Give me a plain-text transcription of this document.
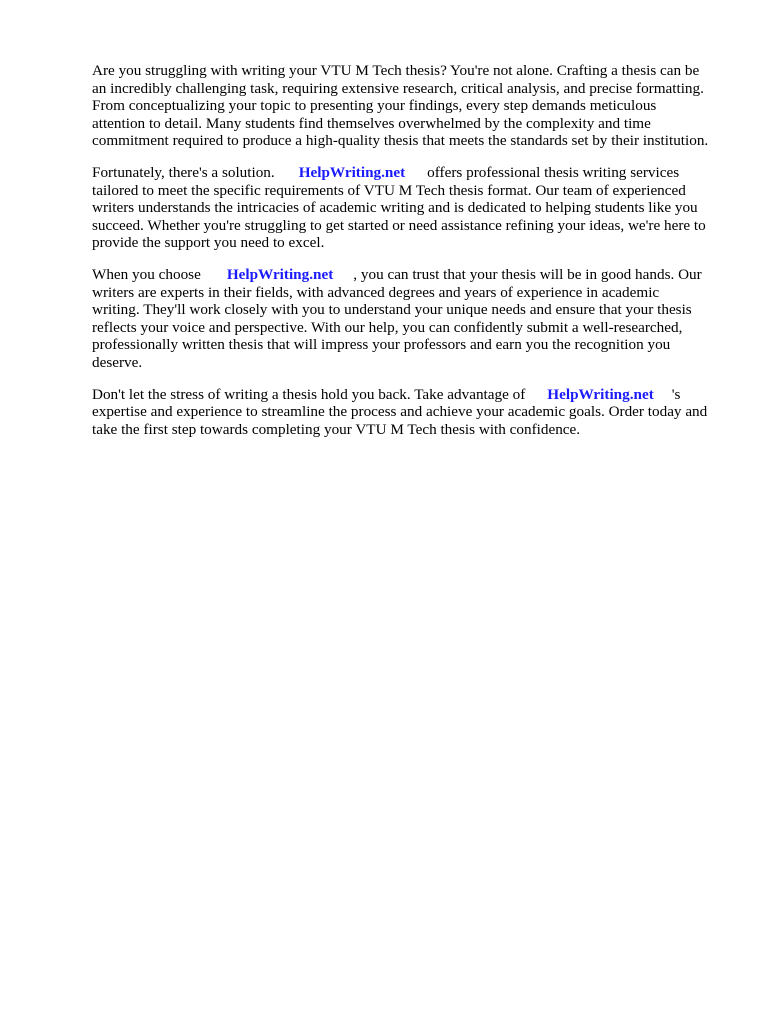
Are you struggling with writing your VTU M Tech thesis? You're not alone. Crafting a thesis can be
an incredibly challenging task, requiring extensive research, critical analysis, and precise formatting.
From conceptualizing your topic to presenting your findings, every step demands meticulous
attention to detail. Many students find themselves overwhelmed by the complexity and time
commitment required to produce a high-quality thesis that meets the standards set by their institution.
Fortunately, there's a solution. HelpWriting.net offers professional thesis writing services
tailored to meet the specific requirements of VTU M Tech thesis format. Our team of experienced
writers understands the intricacies of academic writing and is dedicated to helping students like you
succeed. Whether you're struggling to get started or need assistance refining your ideas, we're here to
provide the support you need to excel.
When you choose HelpWriting.net , you can trust that your thesis will be in good hands. Our
writers are experts in their fields, with advanced degrees and years of experience in academic
writing. They'll work closely with you to understand your unique needs and ensure that your thesis
reflects your voice and perspective. With our help, you can confidently submit a well-researched,
professionally written thesis that will impress your professors and earn you the recognition you
deserve.
Don't let the stress of writing a thesis hold you back. Take advantage of HelpWriting.net 's
expertise and experience to streamline the process and achieve your academic goals. Order today and
take the first step towards completing your VTU M Tech thesis with confidence.
